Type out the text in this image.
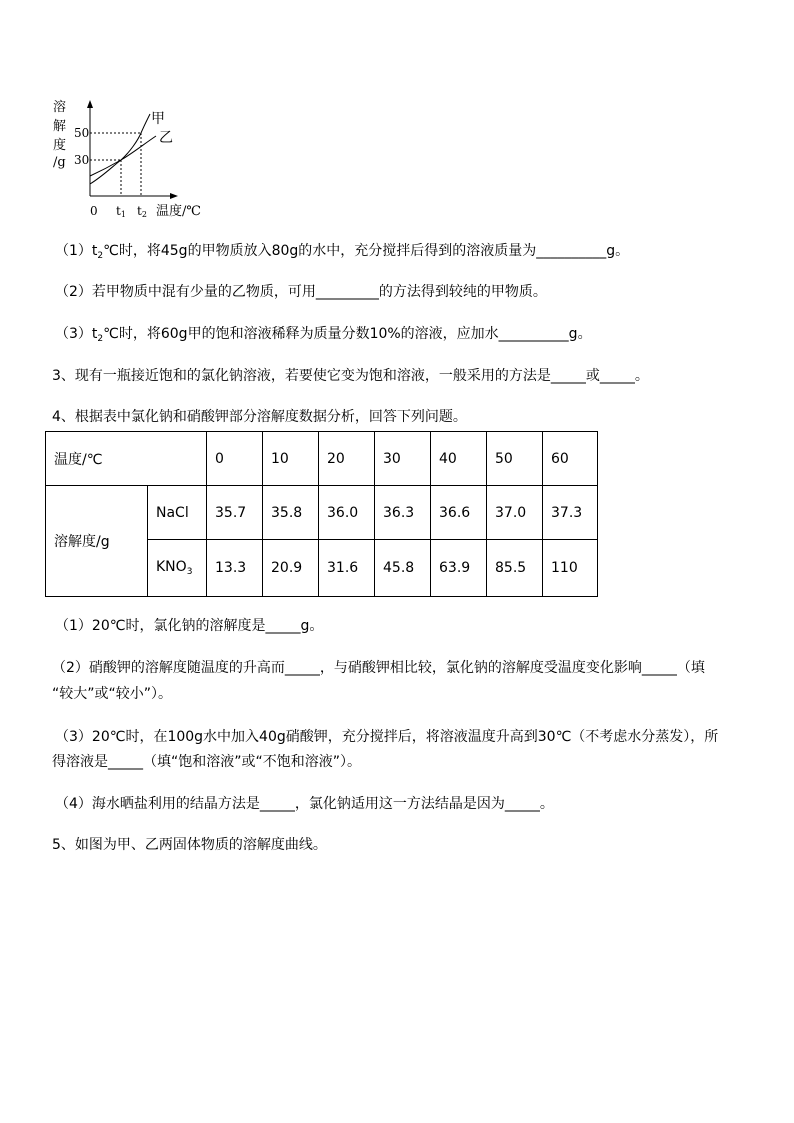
溶
解
度
/g
50
30
0 t1 t2 温度/℃
甲
乙
$(1)t_2℃$时，将45g的甲物质放入80g的水中，充分搅拌后得到的溶液质量为__________g。
（2）若甲物质中混有少量的乙物质，可用_________的方法得到较纯的甲物质。
$(3)t_2℃$时，将60g甲的饱和溶液稀释为质量分数10%的溶液，应加水__________g。
3、现有一瓶接近饱和的氯化钠溶液，若要使它变为饱和溶液，一般采用的方法是_____或_____。
4、根据表中氯化钠和硝酸钾部分溶解度数据分析，回答下列问题。
温度/℃		0	10	20	30	40	50	60
溶解度/g	NaCl	35.7	35.8	36.0	36.3	36.6	37.0	37.3
	$KNO_3$	13.3	20.9	31.6	45.8	63.9	85.5	110
（1）20℃时，氯化钠的溶解度是_____g。
（2）硝酸钾的溶解度随温度的升高而_____，与硝酸钾相比较，氯化钠的溶解度受温度变化影响_____（填
“较大”或“较小”）。
（3）20℃时，在100g水中加入40g硝酸钾，充分搅拌后，将溶液温度升高到30℃（不考虑水分蒸发），所
得溶液是_____（填“饱和溶液”或“不饱和溶液”）。
（4）海水晒盐利用的结晶方法是_____，氯化钠适用这一方法结晶是因为_____。
5、如图为甲、乙两固体物质的溶解度曲线。
